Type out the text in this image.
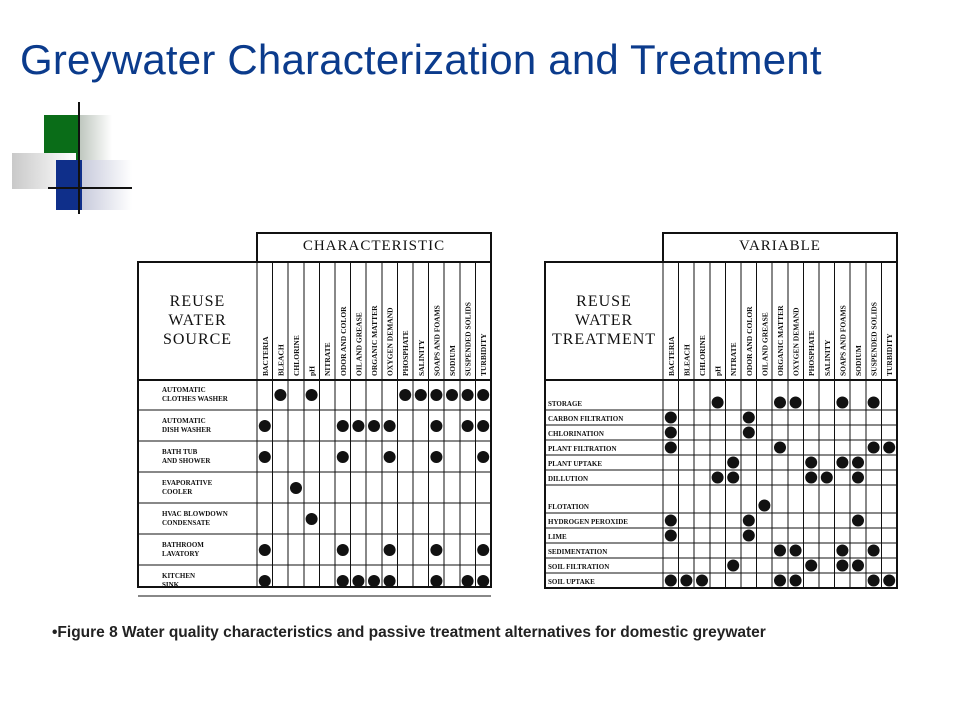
Greywater Characterization and Treatment
CHARACTERISTIC
REUSE
WATER
SOURCE	BACTERIA BLEACH CHLORINE pH NITRATE ODOR AND COLOR OIL AND GREASE ORGANIC MATTER OXYGEN DEMAND PHOSPHATE SALINITY SOAPS AND FOAMS SODIUM SUSPENDED SOLIDS TURBIDITY
AUTOMATIC
CLOTHES WASHER
AUTOMATIC
DISH WASHER
BATH TUB
AND SHOWER
EVAPORATIVE
COOLER
HVAC BLOWDOWN
CONDENSATE
BATHROOM
LAVATORY
KITCHEN
SINK
VARIABLE
REUSE
WATER
TREATMENT BACTERIA BLEACH CHLORINE pH NITRATE ODOR AND COLOR OIL AND GREASE ORGANIC MATTER OXYGEN DEMAND PHOSPHATE SALINITY SOAPS AND FOAMS SODIUM SUSPENDED SOLIDS TURBIDITY
STORAGE
CARBON FILTRATION
CHLORINATION
PLANT FILTRATION
PLANT UPTAKE
DILLUTION
FLOTATION
HYDROGEN PEROXIDE
LIME
SEDIMENTATION
SOIL FILTRATION
SOIL UPTAKE

•Figure 8 Water quality characteristics and passive treatment alternatives for domestic greywater
